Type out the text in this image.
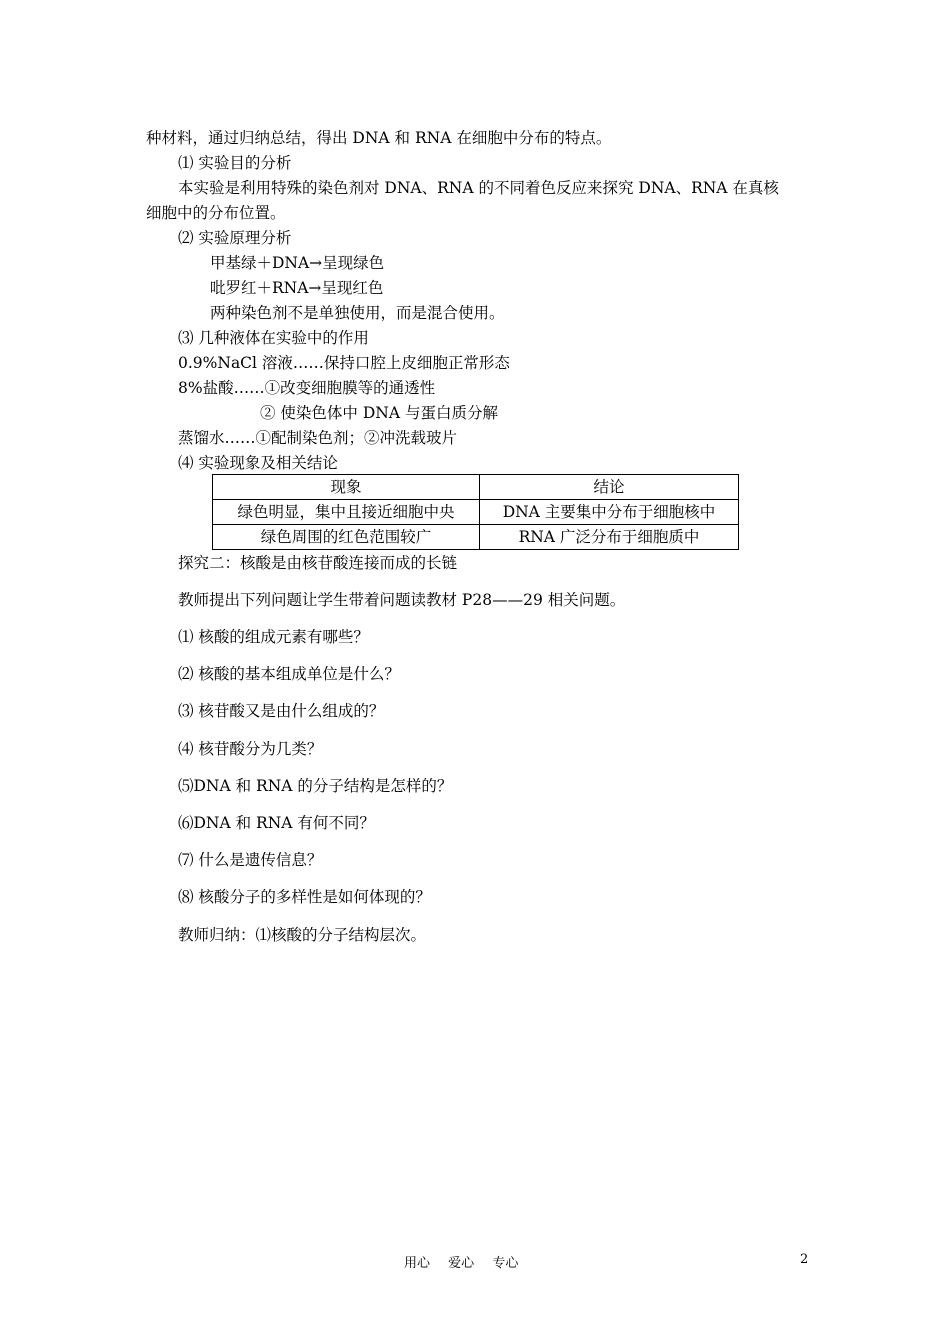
种材料，通过归纳总结，得出 DNA 和 RNA 在细胞中分布的特点。
⑴ 实验目的分析
本实验是利用特殊的染色剂对 DNA、RNA 的不同着色反应来探究 DNA、RNA 在真核
细胞中的分布位置。
⑵ 实验原理分析
甲基绿＋DNA→呈现绿色
吡罗红＋RNA→呈现红色
两种染色剂不是单独使用，而是混合使用。
⑶ 几种液体在实验中的作用
0.9%NaCl 溶液……保持口腔上皮细胞正常形态
8%盐酸……①改变细胞膜等的通透性
② 使染色体中 DNA 与蛋白质分解
蒸馏水……①配制染色剂；②冲洗载玻片
⑷ 实验现象及相关结论
现象	结论
绿色明显，集中且接近细胞中央	DNA 主要集中分布于细胞核中
绿色周围的红色范围较广	RNA 广泛分布于细胞质中
探究二：核酸是由核苷酸连接而成的长链
教师提出下列问题让学生带着问题读教材 P28——29 相关问题。
⑴ 核酸的组成元素有哪些？
⑵ 核酸的基本组成单位是什么？
⑶ 核苷酸又是由什么组成的？
⑷ 核苷酸分为几类？
⑸DNA 和 RNA 的分子结构是怎样的？
⑹DNA 和 RNA 有何不同？
⑺ 什么是遗传信息？
⑻ 核酸分子的多样性是如何体现的？
教师归纳：⑴核酸的分子结构层次。
用心 爱心 专心	2
